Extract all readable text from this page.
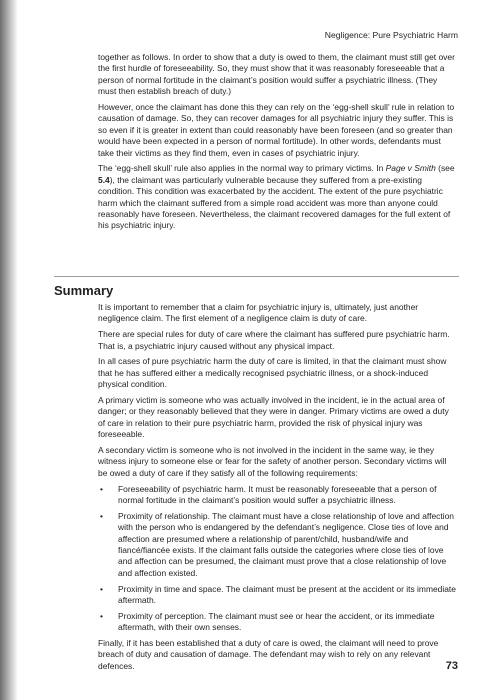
Negligence: Pure Psychiatric Harm

together as follows. In order to show that a duty is owed to them, the claimant must still get over the first hurdle of foreseeability. So, they must show that it was reasonably foreseeable that a person of normal fortitude in the claimant’s position would suffer a psychiatric illness. (They must then establish breach of duty.)

However, once the claimant has done this they can rely on the ‘egg-shell skull’ rule in relation to causation of damage. So, they can recover damages for all psychiatric injury they suffer. This is so even if it is greater in extent than could reasonably have been foreseen (and so greater than would have been expected in a person of normal fortitude). In other words, defendants must take their victims as they find them, even in cases of psychiatric injury.

The ‘egg-shell skull’ rule also applies in the normal way to primary victims. In Page v Smith (see 5.4), the claimant was particularly vulnerable because they suffered from a pre-existing condition. This condition was exacerbated by the accident. The extent of the pure psychiatric harm which the claimant suffered from a simple road accident was more than anyone could reasonably have foreseen. Nevertheless, the claimant recovered damages for the full extent of his psychiatric injury.

Summary

It is important to remember that a claim for psychiatric injury is, ultimately, just another negligence claim. The first element of a negligence claim is duty of care.

There are special rules for duty of care where the claimant has suffered pure psychiatric harm. That is, a psychiatric injury caused without any physical impact.

In all cases of pure psychiatric harm the duty of care is limited, in that the claimant must show that he has suffered either a medically recognised psychiatric illness, or a shock-induced physical condition.

A primary victim is someone who was actually involved in the incident, ie in the actual area of danger; or they reasonably believed that they were in danger. Primary victims are owed a duty of care in relation to their pure psychiatric harm, provided the risk of physical injury was foreseeable.

A secondary victim is someone who is not involved in the incident in the same way, ie they witness injury to someone else or fear for the safety of another person. Secondary victims will be owed a duty of care if they satisfy all of the following requirements:

• Foreseeability of psychiatric harm. It must be reasonably foreseeable that a person of normal fortitude in the claimant’s position would suffer a psychiatric illness.
• Proximity of relationship. The claimant must have a close relationship of love and affection with the person who is endangered by the defendant’s negligence. Close ties of love and affection are presumed where a relationship of parent/child, husband/wife and fiancé/fiancée exists. If the claimant falls outside the categories where close ties of love and affection can be presumed, the claimant must prove that a close relationship of love and affection existed.
• Proximity in time and space. The claimant must be present at the accident or its immediate aftermath.
• Proximity of perception. The claimant must see or hear the accident, or its immediate aftermath, with their own senses.

Finally, if it has been established that a duty of care is owed, the claimant will need to prove breach of duty and causation of damage. The defendant may wish to rely on any relevant defences.	73
